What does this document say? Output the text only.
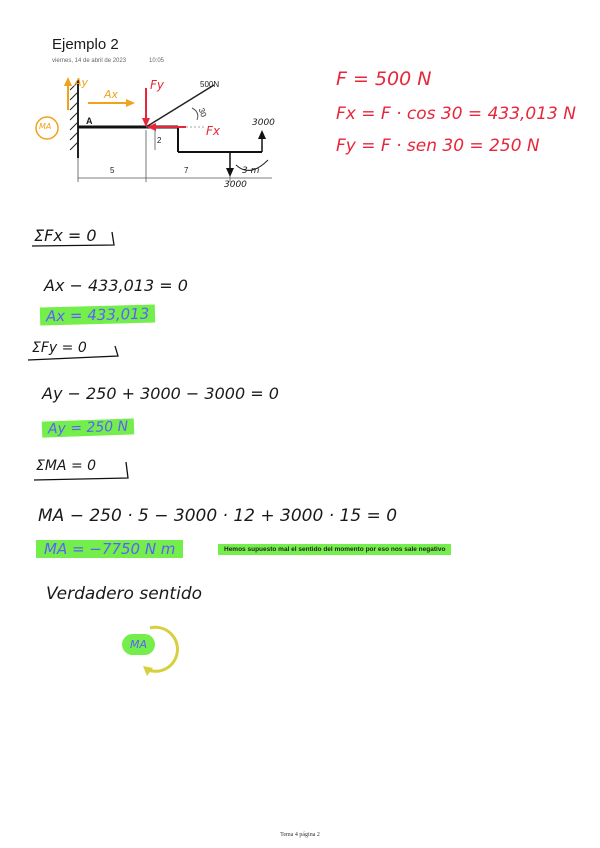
Ejemplo 2
viernes, 14 de abril de 2023	10:05
500N
30
A
Ay
Ax
MA
Fy
Fx
2
3000
3000
3 m
5	7
F = 500 N
Fx = F · cos 30 = 433,013 N
Fy = F · sen 30 = 250 N
ΣFx = 0
Ax − 433,013 = 0
Ax = 433,013
ΣFy = 0
Ay − 250 + 3000 − 3000 = 0
Ay = 250 N
ΣMA = 0
MA − 250 · 5 − 3000 · 12 + 3000 · 15 = 0
MA = −7750 N m	Hemos supuesto mal el sentido del momento por eso nos sale negativo
Verdadero sentido
MA
Tema 4 página 2
